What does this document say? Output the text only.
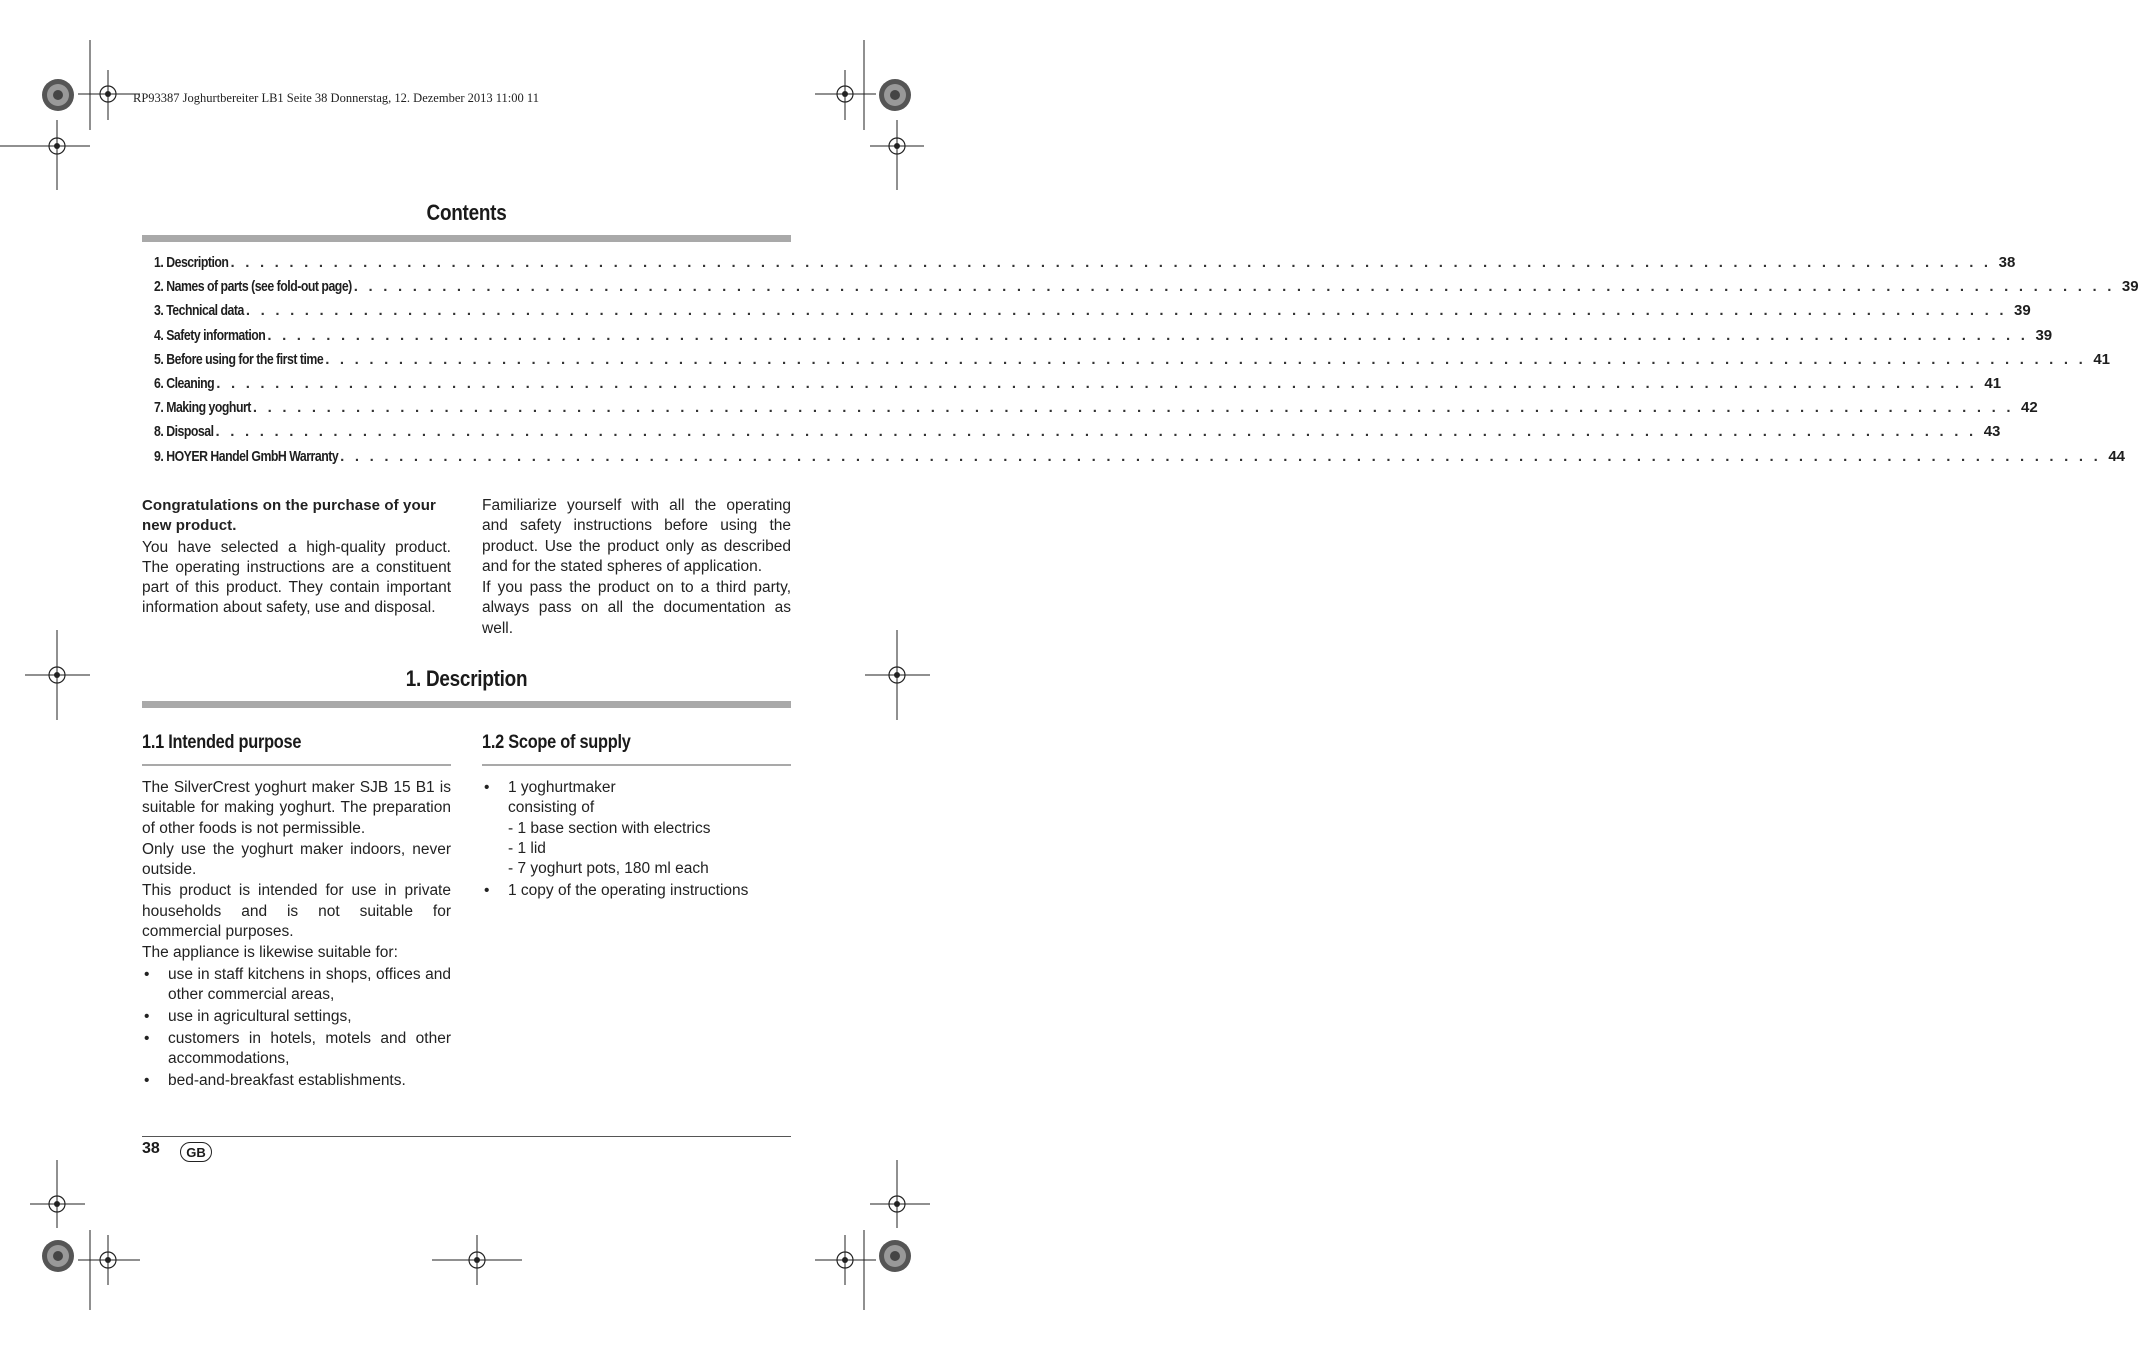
RP93387 Joghurtbereiter LB1 Seite 38 Donnerstag, 12. Dezember 2013 11:00 11
Contents
1. Description . . . . . . . . . . . . . . . . . . . . . . . . . . . . . . . . . . . . . . . . . . . . . . . . . . . . . . . . . . . . . . . . . . . . . . . . . . . . . . . . . . . . . . . . . . . . . . . . . . . . . . . . . . . . . . . . . . . . . . . . 38
2. Names of parts (see fold-out page) . . . . . . . . . . . . . . . . . . . . . . . . . . . . . . . . . . . . . . . . . . . . . . . . . . . . . . . . . . . . . . . . . . . . . . . . . . . . . . . . . . . . . . . . . . . . . . . . . . . . . . . . . . . . . . . . . . . . . . . . 39
3. Technical data . . . . . . . . . . . . . . . . . . . . . . . . . . . . . . . . . . . . . . . . . . . . . . . . . . . . . . . . . . . . . . . . . . . . . . . . . . . . . . . . . . . . . . . . . . . . . . . . . . . . . . . . . . . . . . . . . . . . . . . . 39
4. Safety information . . . . . . . . . . . . . . . . . . . . . . . . . . . . . . . . . . . . . . . . . . . . . . . . . . . . . . . . . . . . . . . . . . . . . . . . . . . . . . . . . . . . . . . . . . . . . . . . . . . . . . . . . . . . . . . . . . . . . . . . 39
5. Before using for the first time . . . . . . . . . . . . . . . . . . . . . . . . . . . . . . . . . . . . . . . . . . . . . . . . . . . . . . . . . . . . . . . . . . . . . . . . . . . . . . . . . . . . . . . . . . . . . . . . . . . . . . . . . . . . . . . . . . . . . . . . 41
6. Cleaning . . . . . . . . . . . . . . . . . . . . . . . . . . . . . . . . . . . . . . . . . . . . . . . . . . . . . . . . . . . . . . . . . . . . . . . . . . . . . . . . . . . . . . . . . . . . . . . . . . . . . . . . . . . . . . . . . . . . . . . . 41
7. Making yoghurt . . . . . . . . . . . . . . . . . . . . . . . . . . . . . . . . . . . . . . . . . . . . . . . . . . . . . . . . . . . . . . . . . . . . . . . . . . . . . . . . . . . . . . . . . . . . . . . . . . . . . . . . . . . . . . . . . . . . . . . . 42
8. Disposal . . . . . . . . . . . . . . . . . . . . . . . . . . . . . . . . . . . . . . . . . . . . . . . . . . . . . . . . . . . . . . . . . . . . . . . . . . . . . . . . . . . . . . . . . . . . . . . . . . . . . . . . . . . . . . . . . . . . . . . . 43
9. HOYER Handel GmbH Warranty . . . . . . . . . . . . . . . . . . . . . . . . . . . . . . . . . . . . . . . . . . . . . . . . . . . . . . . . . . . . . . . . . . . . . . . . . . . . . . . . . . . . . . . . . . . . . . . . . . . . . . . . . . . . . . . . . . . . . . . . 44
Congratulations on the purchase of your new product.

You have selected a high-quality product. The operating instructions are a constituent part of this product. They contain important information about safety, use and disposal.

Familiarize yourself with all the operating and safety instructions before using the product. Use the product only as described and for the stated spheres of application.

If you pass the product on to a third party, always pass on all the documentation as well.

1. Description
1.1 Intended purpose	1.2 Scope of supply

The SilverCrest yoghurt maker SJB 15 B1 is suitable for making yoghurt. The preparation of other foods is not permissible.

Only use the yoghurt maker indoors, never outside.

This product is intended for use in private households and is not suitable for commercial purposes.

The appliance is likewise suitable for:

• use in staff kitchens in shops, offices and other commercial areas,
• use in agricultural settings,
• customers in hotels, motels and other accommodations,
• bed-and-breakfast establishments.
• 1 yoghurtmaker
consisting of
- 1 base section with electrics
- 1 lid
- 7 yoghurt pots, 180 ml each
• 1 copy of the operating instructions
38	GB
